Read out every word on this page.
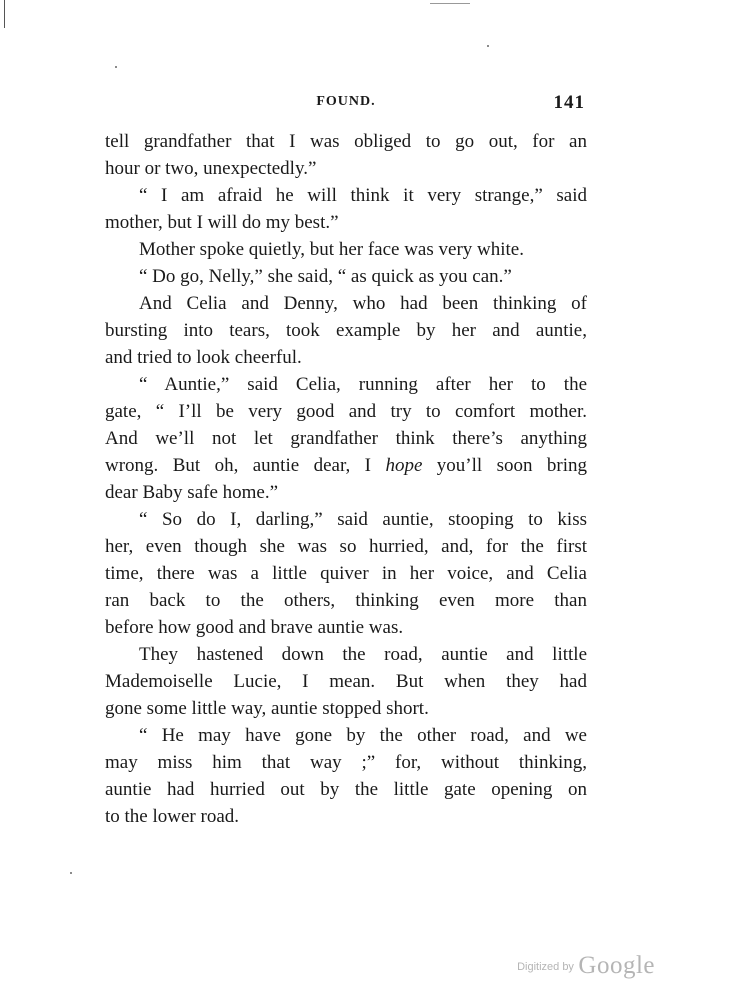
FOUND.	141
tell grandfather that I was obliged to go out, for an
hour or two, unexpectedly.”
“ I am afraid he will think it very strange,” said
mother, but I will do my best.”
Mother spoke quietly, but her face was very white.
“ Do go, Nelly,” she said, “ as quick as you can.”
And Celia and Denny, who had been thinking of
bursting into tears, took example by her and auntie,
and tried to look cheerful.
“ Auntie,” said Celia, running after her to the
gate, “ I’ll be very good and try to comfort mother.
And we’ll not let grandfather think there’s anything
wrong. But oh, auntie dear, I hope you’ll soon bring
dear Baby safe home.”
“ So do I, darling,” said auntie, stooping to kiss
her, even though she was so hurried, and, for the first
time, there was a little quiver in her voice, and Celia
ran back to the others, thinking even more than
before how good and brave auntie was.
They hastened down the road, auntie and little
Mademoiselle Lucie, I mean. But when they had
gone some little way, auntie stopped short.
“ He may have gone by the other road, and we
may miss him that way ;” for, without thinking,
auntie had hurried out by the little gate opening on
to the lower road.
Digitized by Google
